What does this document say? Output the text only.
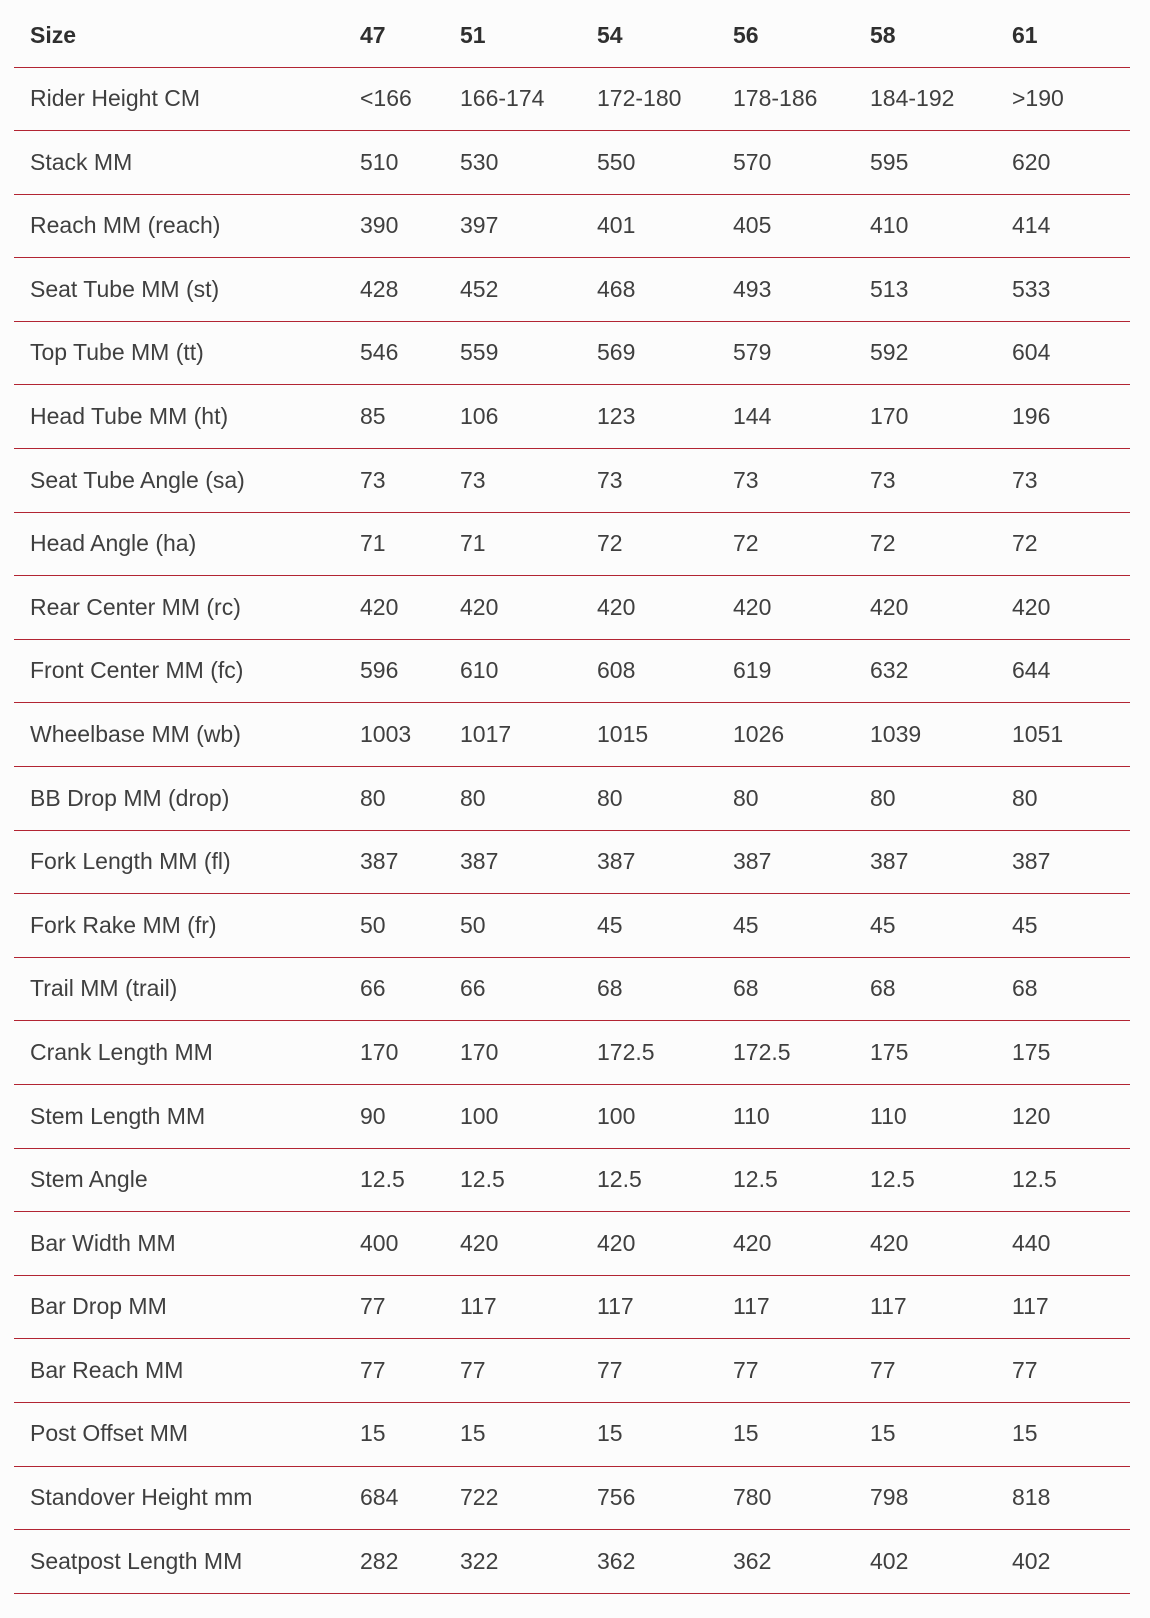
Size	47	51	54	56	58	61
Rider Height CM	<166	166-174	172-180	178-186	184-192	>190
Stack MM	510	530	550	570	595	620
Reach MM (reach)	390	397	401	405	410	414
Seat Tube MM (st)	428	452	468	493	513	533
Top Tube MM (tt)	546	559	569	579	592	604
Head Tube MM (ht)	85	106	123	144	170	196
Seat Tube Angle (sa)	73	73	73	73	73	73
Head Angle (ha)	71	71	72	72	72	72
Rear Center MM (rc)	420	420	420	420	420	420
Front Center MM (fc)	596	610	608	619	632	644
Wheelbase MM (wb)	1003	1017	1015	1026	1039	1051
BB Drop MM (drop)	80	80	80	80	80	80
Fork Length MM (fl)	387	387	387	387	387	387
Fork Rake MM (fr)	50	50	45	45	45	45
Trail MM (trail)	66	66	68	68	68	68
Crank Length MM	170	170	172.5	172.5	175	175
Stem Length MM	90	100	100	110	110	120
Stem Angle	12.5	12.5	12.5	12.5	12.5	12.5
Bar Width MM	400	420	420	420	420	440
Bar Drop MM	77	117	117	117	117	117
Bar Reach MM	77	77	77	77	77	77
Post Offset MM	15	15	15	15	15	15
Standover Height mm	684	722	756	780	798	818
Seatpost Length MM	282	322	362	362	402	402
